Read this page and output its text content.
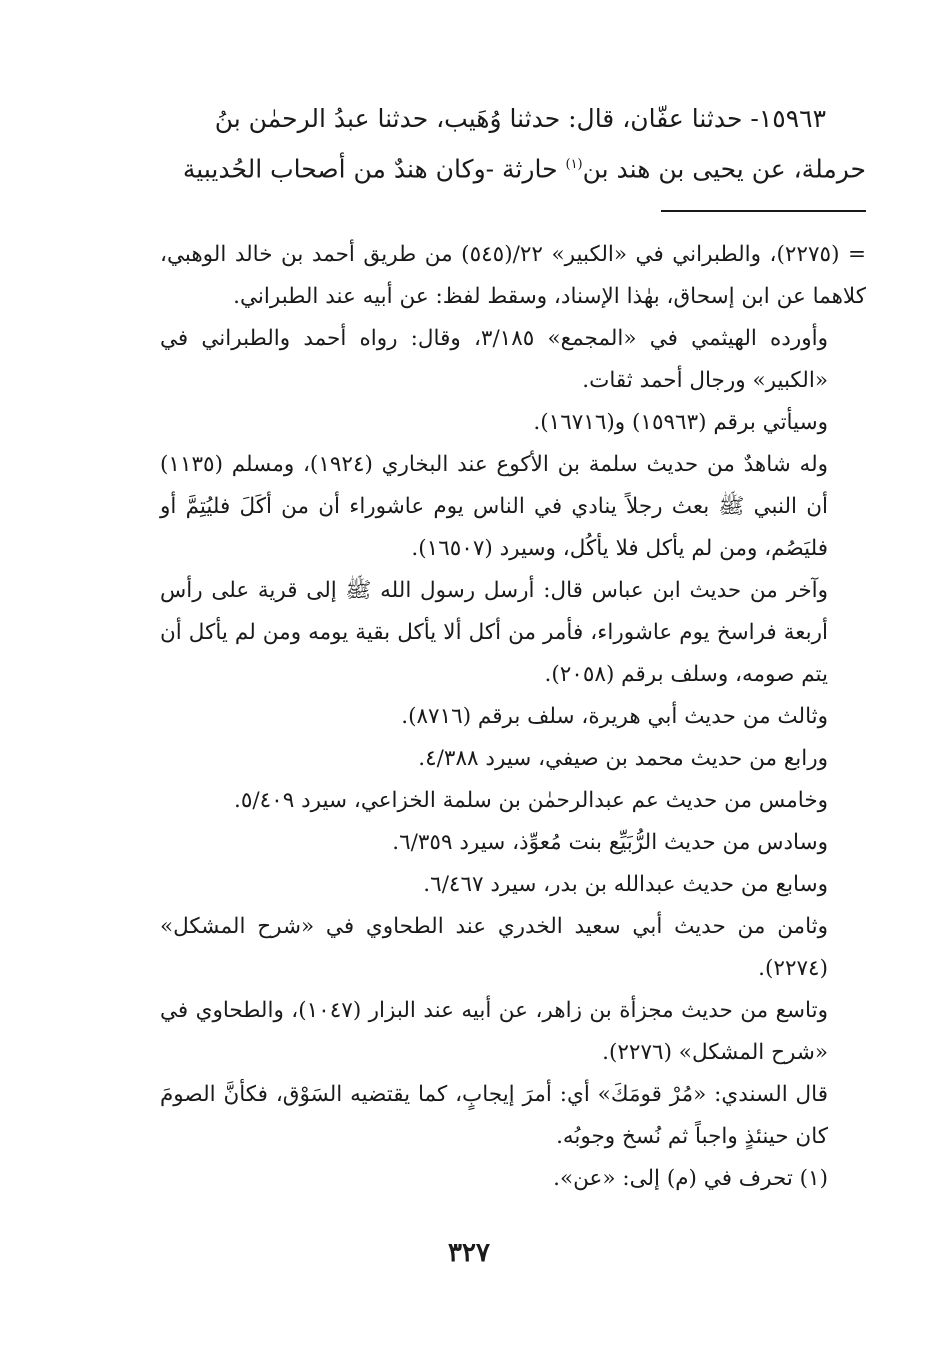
١٥٩٦٣- حدثنا عفّان، قال: حدثنا وُهَيب، حدثنا عبدُ الرحمٰن بنُ

حرملة، عن يحيى بن هند بن$^{(١)}$ حارثة -وكان هندٌ من أصحاب الحُديبية

= (٢٢٧٥)، والطبراني في «الكبير» ٢٢/(٥٤٥) من طريق أحمد بن خالد الوهبي، كلاهما عن ابن إسحاق، بهٰذا الإسناد، وسقط لفظ: عن أبيه عند الطبراني.

وأورده الهيثمي في «المجمع» ٣/١٨٥، وقال: رواه أحمد والطبراني في «الكبير» ورجال أحمد ثقات.

وسيأتي برقم (١٥٩٦٣) و(١٦٧١٦).

وله شاهدٌ من حديث سلمة بن الأكوع عند البخاري (١٩٢٤)، ومسلم (١١٣٥) أن النبي ﷺ بعث رجلاً ينادي في الناس يوم عاشوراء أن من أكَلَ فليُتِمَّ أو فليَصُم، ومن لم يأكل فلا يأكُل، وسيرد (١٦٥٠٧).

وآخر من حديث ابن عباس قال: أرسل رسول الله ﷺ إلى قرية على رأس أربعة فراسخ يوم عاشوراء، فأمر من أكل ألا يأكل بقية يومه ومن لم يأكل أن يتم صومه، وسلف برقم (٢٠٥٨).

وثالث من حديث أبي هريرة، سلف برقم (٨٧١٦).

ورابع من حديث محمد بن صيفي، سيرد ٤/٣٨٨.

وخامس من حديث عم عبدالرحمٰن بن سلمة الخزاعي، سيرد ٥/٤٠٩.

وسادس من حديث الرُّبَيِّع بنت مُعوِّذ، سيرد ٦/٣٥٩.

وسابع من حديث عبدالله بن بدر، سيرد ٦/٤٦٧.

وثامن من حديث أبي سعيد الخدري عند الطحاوي في «شرح المشكل» (٢٢٧٤).

وتاسع من حديث مجزأة بن زاهر، عن أبيه عند البزار (١٠٤٧)، والطحاوي في «شرح المشكل» (٢٢٧٦).

قال السندي: «مُرْ قومَكَ» أي: أمرَ إيجابٍ، كما يقتضيه السَوْق، فكأنَّ الصومَ كان حينئذٍ واجباً ثم نُسخ وجوبُه.

(١) تحرف في (م) إلى: «عن».

٣٢٧
